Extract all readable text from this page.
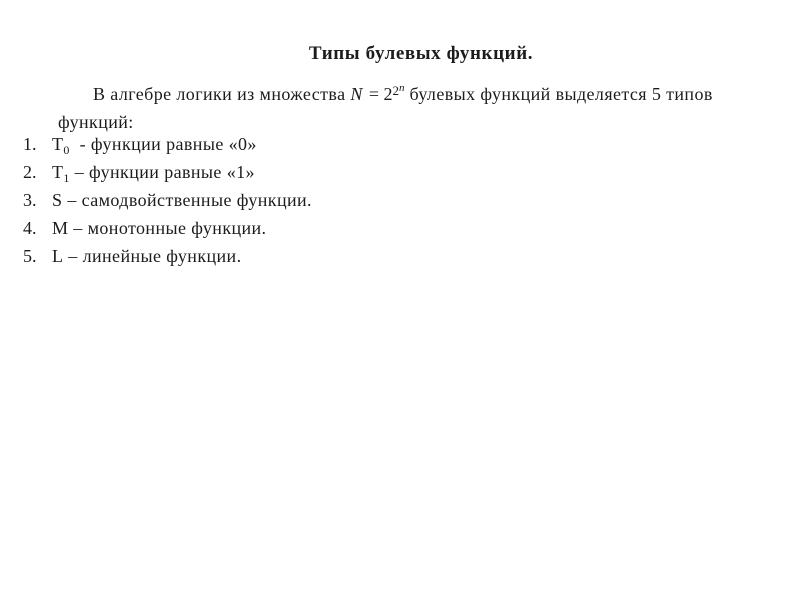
Типы булевых функций.
В алгебре логики из множества $N = 2^{2^n}$ булевых функций выделяется 5 типов
функций:
1. $T_0$  - функции равные «0»
2. $T_1$ – функции равные «1»
3. S – самодвойственные функции.
4. M – монотонные функции.
5. L – линейные функции.
